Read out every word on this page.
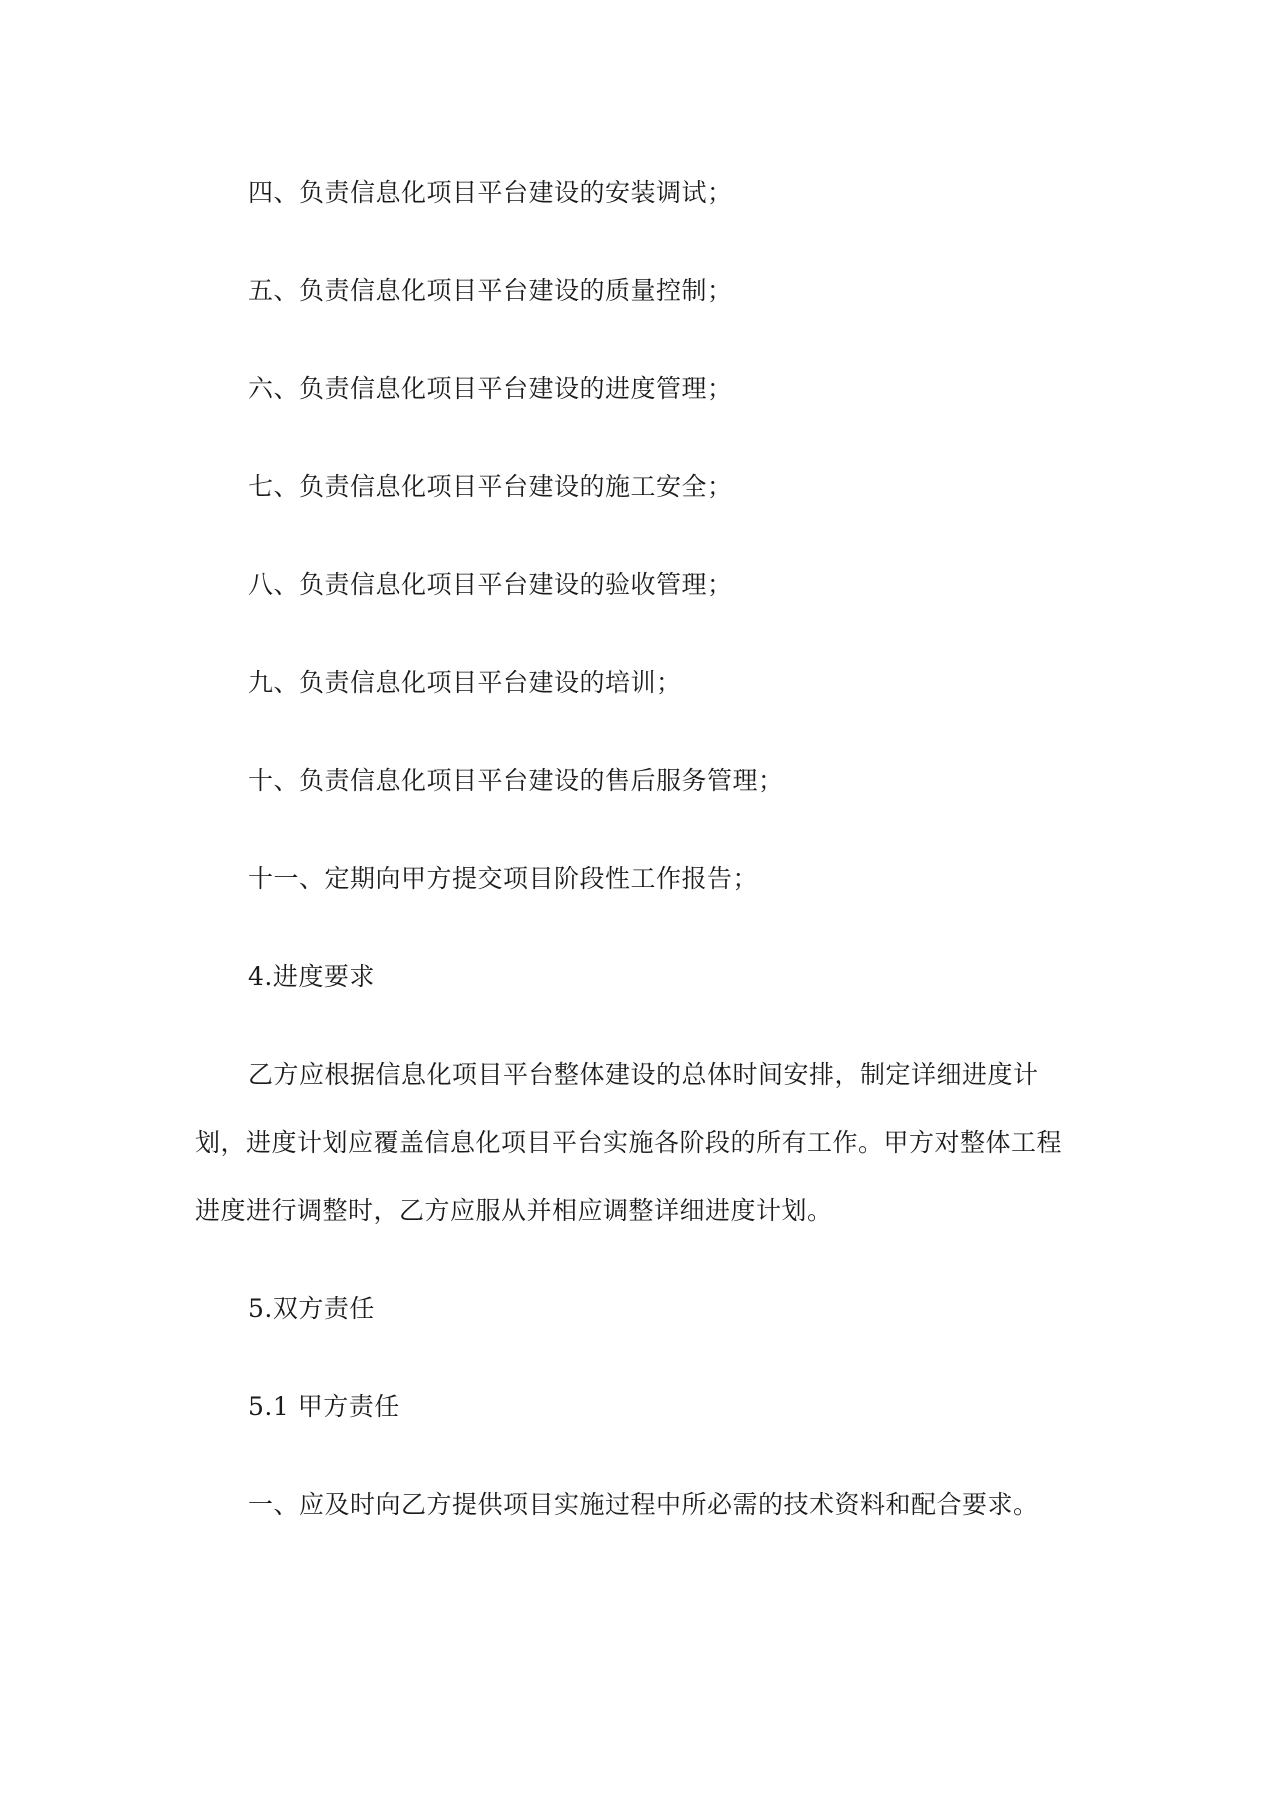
四、负责信息化项目平台建设的安装调试；

五、负责信息化项目平台建设的质量控制；

六、负责信息化项目平台建设的进度管理；

七、负责信息化项目平台建设的施工安全；

八、负责信息化项目平台建设的验收管理；

九、负责信息化项目平台建设的培训；

十、负责信息化项目平台建设的售后服务管理；

十一、定期向甲方提交项目阶段性工作报告；

4.进度要求

乙方应根据信息化项目平台整体建设的总体时间安排，制定详细进度计

划，进度计划应覆盖信息化项目平台实施各阶段的所有工作。甲方对整体工程

进度进行调整时，乙方应服从并相应调整详细进度计划。

5.双方责任

5.1 甲方责任

一、应及时向乙方提供项目实施过程中所必需的技术资料和配合要求。
